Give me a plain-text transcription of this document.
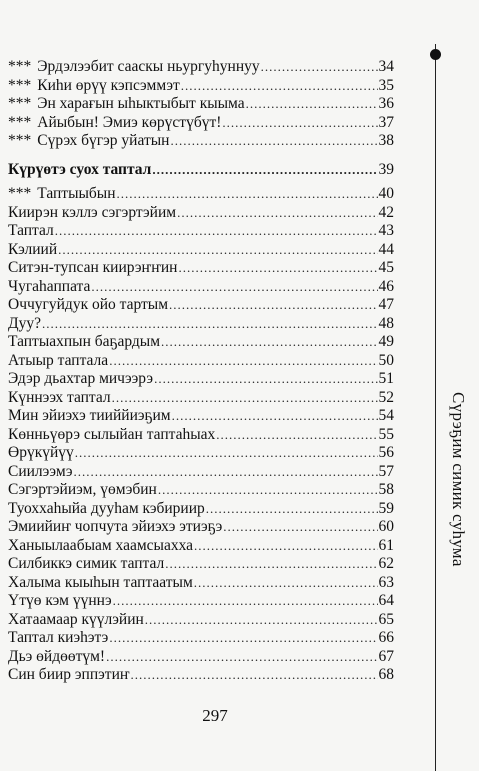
*** Эрдэлээбит сааскы ньургуһуннуу .....	34
*** Киһи өрүү кэпсэммэт .....	35
*** Эн харағын ыһыктыбыт кыыма .....	36
*** Айыбын! Эмиэ көрүстүбүт! .....	37
*** Сүрэх бүгэр уйатын .....	38
Күрүөтэ суох таптал .....	39
*** Таптыыбын .....	40
Киирэн кэллэ сэгэртэйим .....	42
Таптал .....	43
Кэлиий .....	44
Ситэн-тупсан киирэҥҥин .....	45
Чугаһаппата .....	46
Оччугуйдук ойо тартым .....	47
Дуу? .....	48
Таптыахпын баҕардым .....	49
Атыыр таптала .....	50
Эдэр дьахтар мичээрэ .....	51
Күннээх таптал .....	52
Мин эйиэхэ тииййиэҕим .....	54
Көнньүөрэ сылыйан таптаһыах .....	55
Өрүкүйүү .....	56
Сиилээмэ .....	57
Сэгэртэйиэм, үөмэбин .....	58
Туоххаһыйа дууһам кэбириир .....	59
Эмиийиҥ чопчута эйиэхэ этиэҕэ .....	60
Ханыылаабыам хаамсыахха .....	61
Силбиккэ симик таптал .....	62
Халыма кыыһын таптаатым .....	63
Үтүө кэм үүннэ .....	64
Хатаамаар күүлэйин .....	65
Таптал киэһэтэ .....	66
Дьэ өйдөөтүм! .....	67
Син биир эппэтиҥ .....	68
Сүрэҕим симик суһума
297
